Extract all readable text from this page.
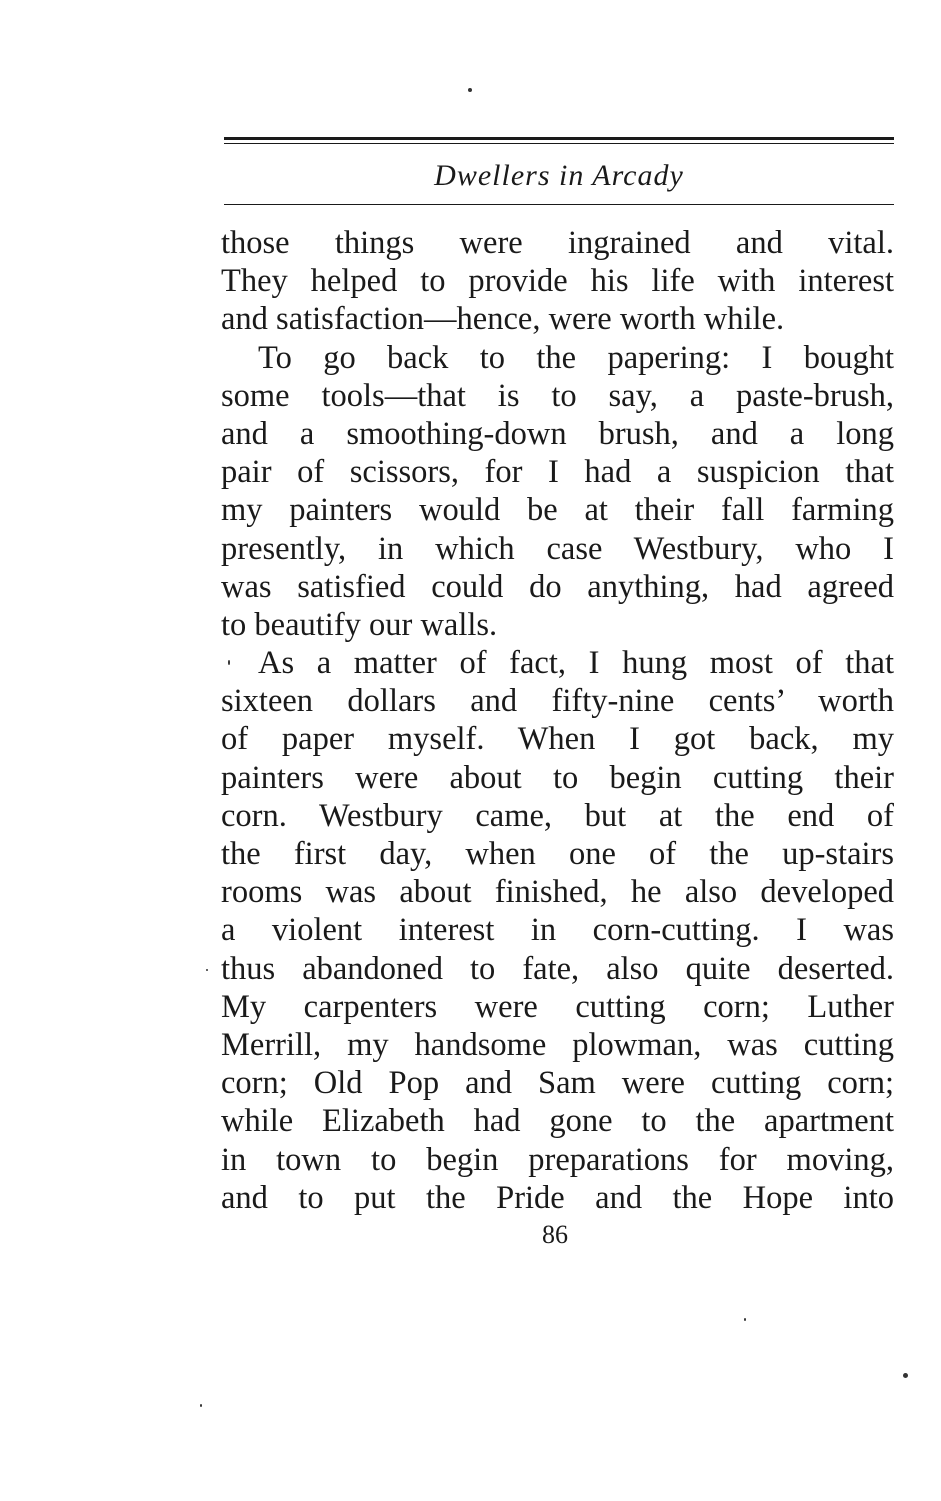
Dwellers in Arcady
those things were ingrained and vital.
They helped to provide his life with interest
and satisfaction—hence, were worth while.
To go back to the papering: I bought
some tools—that is to say, a paste-brush,
and a smoothing-down brush, and a long
pair of scissors, for I had a suspicion that
my painters would be at their fall farming
presently, in which case Westbury, who I
was satisfied could do anything, had agreed
to beautify our walls.
As a matter of fact, I hung most of that
sixteen dollars and fifty-nine cents’ worth
of paper myself. When I got back, my
painters were about to begin cutting their
corn. Westbury came, but at the end of
the first day, when one of the up-stairs
rooms was about finished, he also developed
a violent interest in corn-cutting. I was
thus abandoned to fate, also quite deserted.
My carpenters were cutting corn; Luther
Merrill, my handsome plowman, was cutting
corn; Old Pop and Sam were cutting corn;
while Elizabeth had gone to the apartment
in town to begin preparations for moving,
and to put the Pride and the Hope into
86
